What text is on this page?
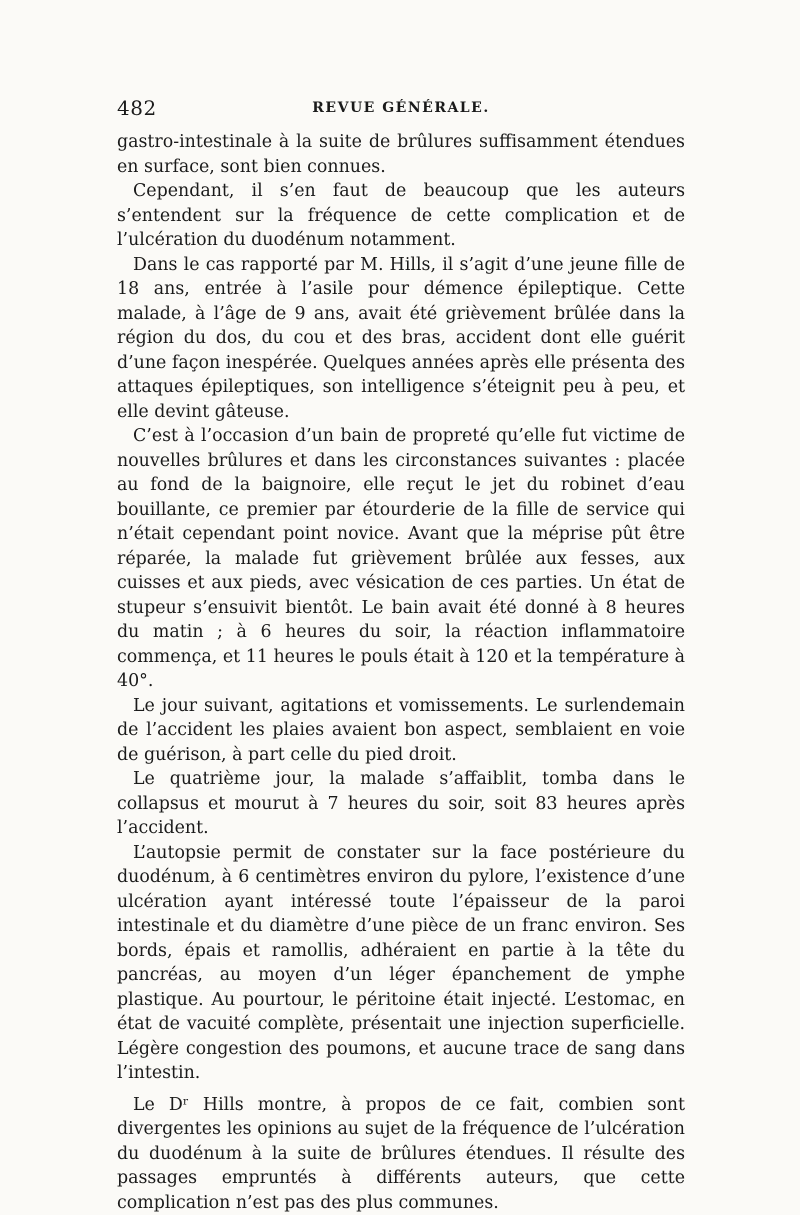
482	REVUE GÉNÉRALE.

gastro-intestinale à la suite de brûlures suffisamment étendues en surface, sont bien connues.

Cependant, il s’en faut de beaucoup que les auteurs s’entendent sur la fréquence de cette complication et de l’ulcération du duodénum notamment.

Dans le cas rapporté par M. Hills, il s’agit d’une jeune fille de 18 ans, entrée à l’asile pour démence épileptique. Cette malade, à l’âge de 9 ans, avait été grièvement brûlée dans la région du dos, du cou et des bras, accident dont elle guérit d’une façon inespérée. Quelques années après elle présenta des attaques épileptiques, son intelligence s’éteignit peu à peu, et elle devint gâteuse.

C’est à l’occasion d’un bain de propreté qu’elle fut victime de nouvelles brûlures et dans les circonstances suivantes : placée au fond de la baignoire, elle reçut le jet du robinet d’eau bouillante, ce premier par étourderie de la fille de service qui n’était cependant point novice. Avant que la méprise pût être réparée, la malade fut grièvement brûlée aux fesses, aux cuisses et aux pieds, avec vésication de ces parties. Un état de stupeur s’ensuivit bientôt. Le bain avait été donné à 8 heures du matin ; à 6 heures du soir, la réaction inflammatoire commença, et 11 heures le pouls était à 120 et la température à 40°.

Le jour suivant, agitations et vomissements. Le surlendemain de l’accident les plaies avaient bon aspect, semblaient en voie de guérison, à part celle du pied droit.

Le quatrième jour, la malade s’affaiblit, tomba dans le collapsus et mourut à 7 heures du soir, soit 83 heures après l’accident.

L’autopsie permit de constater sur la face postérieure du duodénum, à 6 centimètres environ du pylore, l’existence d’une ulcération ayant intéressé toute l’épaisseur de la paroi intestinale et du diamètre d’une pièce de un franc environ. Ses bords, épais et ramollis, adhéraient en partie à la tête du pancréas, au moyen d’un léger épanchement de ymphe plastique. Au pourtour, le péritoine était injecté. L’estomac, en état de vacuité complète, présentait une injection superficielle. Légère congestion des poumons, et aucune trace de sang dans l’intestin.

Le Dʳ Hills montre, à propos de ce fait, combien sont divergentes les opinions au sujet de la fréquence de l’ulcération du duodénum à la suite de brûlures étendues. Il résulte des passages empruntés à différents auteurs, que cette complication n’est pas des plus communes.
